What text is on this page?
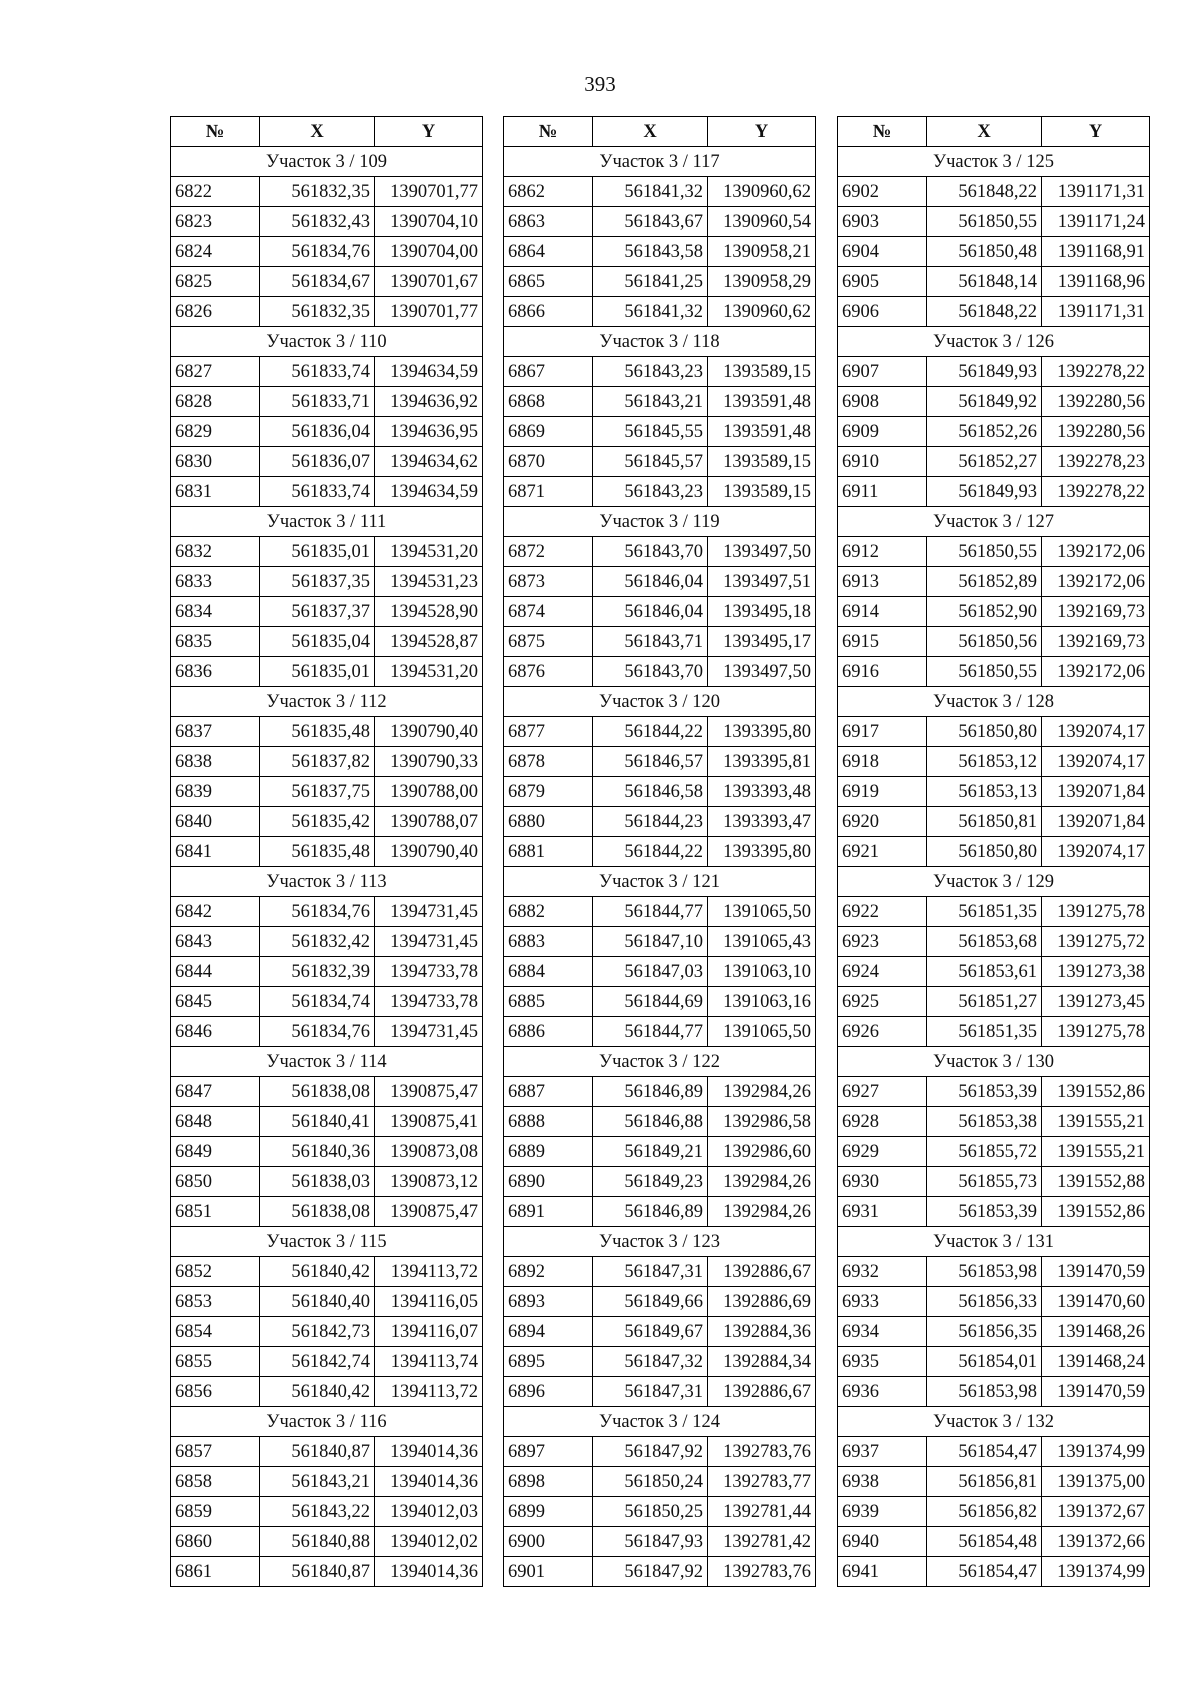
393
№	X	Y
Участок 3 / 109		
6822	561832,35	1390701,77
6823	561832,43	1390704,10
6824	561834,76	1390704,00
6825	561834,67	1390701,67
6826	561832,35	1390701,77
Участок 3 / 110		
6827	561833,74	1394634,59
6828	561833,71	1394636,92
6829	561836,04	1394636,95
6830	561836,07	1394634,62
6831	561833,74	1394634,59
Участок 3 / 111		
6832	561835,01	1394531,20
6833	561837,35	1394531,23
6834	561837,37	1394528,90
6835	561835,04	1394528,87
6836	561835,01	1394531,20
Участок 3 / 112		
6837	561835,48	1390790,40
6838	561837,82	1390790,33
6839	561837,75	1390788,00
6840	561835,42	1390788,07
6841	561835,48	1390790,40
Участок 3 / 113		
6842	561834,76	1394731,45
6843	561832,42	1394731,45
6844	561832,39	1394733,78
6845	561834,74	1394733,78
6846	561834,76	1394731,45
Участок 3 / 114		
6847	561838,08	1390875,47
6848	561840,41	1390875,41
6849	561840,36	1390873,08
6850	561838,03	1390873,12
6851	561838,08	1390875,47
Участок 3 / 115		
6852	561840,42	1394113,72
6853	561840,40	1394116,05
6854	561842,73	1394116,07
6855	561842,74	1394113,74
6856	561840,42	1394113,72
Участок 3 / 116		
6857	561840,87	1394014,36
6858	561843,21	1394014,36
6859	561843,22	1394012,03
6860	561840,88	1394012,02
6861	561840,87	1394014,36
№	X	Y
Участок 3 / 117		
6862	561841,32	1390960,62
6863	561843,67	1390960,54
6864	561843,58	1390958,21
6865	561841,25	1390958,29
6866	561841,32	1390960,62
Участок 3 / 118		
6867	561843,23	1393589,15
6868	561843,21	1393591,48
6869	561845,55	1393591,48
6870	561845,57	1393589,15
6871	561843,23	1393589,15
Участок 3 / 119		
6872	561843,70	1393497,50
6873	561846,04	1393497,51
6874	561846,04	1393495,18
6875	561843,71	1393495,17
6876	561843,70	1393497,50
Участок 3 / 120		
6877	561844,22	1393395,80
6878	561846,57	1393395,81
6879	561846,58	1393393,48
6880	561844,23	1393393,47
6881	561844,22	1393395,80
Участок 3 / 121		
6882	561844,77	1391065,50
6883	561847,10	1391065,43
6884	561847,03	1391063,10
6885	561844,69	1391063,16
6886	561844,77	1391065,50
Участок 3 / 122		
6887	561846,89	1392984,26
6888	561846,88	1392986,58
6889	561849,21	1392986,60
6890	561849,23	1392984,26
6891	561846,89	1392984,26
Участок 3 / 123		
6892	561847,31	1392886,67
6893	561849,66	1392886,69
6894	561849,67	1392884,36
6895	561847,32	1392884,34
6896	561847,31	1392886,67
Участок 3 / 124		
6897	561847,92	1392783,76
6898	561850,24	1392783,77
6899	561850,25	1392781,44
6900	561847,93	1392781,42
6901	561847,92	1392783,76
№	X	Y
Участок 3 / 125		
6902	561848,22	1391171,31
6903	561850,55	1391171,24
6904	561850,48	1391168,91
6905	561848,14	1391168,96
6906	561848,22	1391171,31
Участок 3 / 126		
6907	561849,93	1392278,22
6908	561849,92	1392280,56
6909	561852,26	1392280,56
6910	561852,27	1392278,23
6911	561849,93	1392278,22
Участок 3 / 127		
6912	561850,55	1392172,06
6913	561852,89	1392172,06
6914	561852,90	1392169,73
6915	561850,56	1392169,73
6916	561850,55	1392172,06
Участок 3 / 128		
6917	561850,80	1392074,17
6918	561853,12	1392074,17
6919	561853,13	1392071,84
6920	561850,81	1392071,84
6921	561850,80	1392074,17
Участок 3 / 129		
6922	561851,35	1391275,78
6923	561853,68	1391275,72
6924	561853,61	1391273,38
6925	561851,27	1391273,45
6926	561851,35	1391275,78
Участок 3 / 130		
6927	561853,39	1391552,86
6928	561853,38	1391555,21
6929	561855,72	1391555,21
6930	561855,73	1391552,88
6931	561853,39	1391552,86
Участок 3 / 131		
6932	561853,98	1391470,59
6933	561856,33	1391470,60
6934	561856,35	1391468,26
6935	561854,01	1391468,24
6936	561853,98	1391470,59
Участок 3 / 132		
6937	561854,47	1391374,99
6938	561856,81	1391375,00
6939	561856,82	1391372,67
6940	561854,48	1391372,66
6941	561854,47	1391374,99
